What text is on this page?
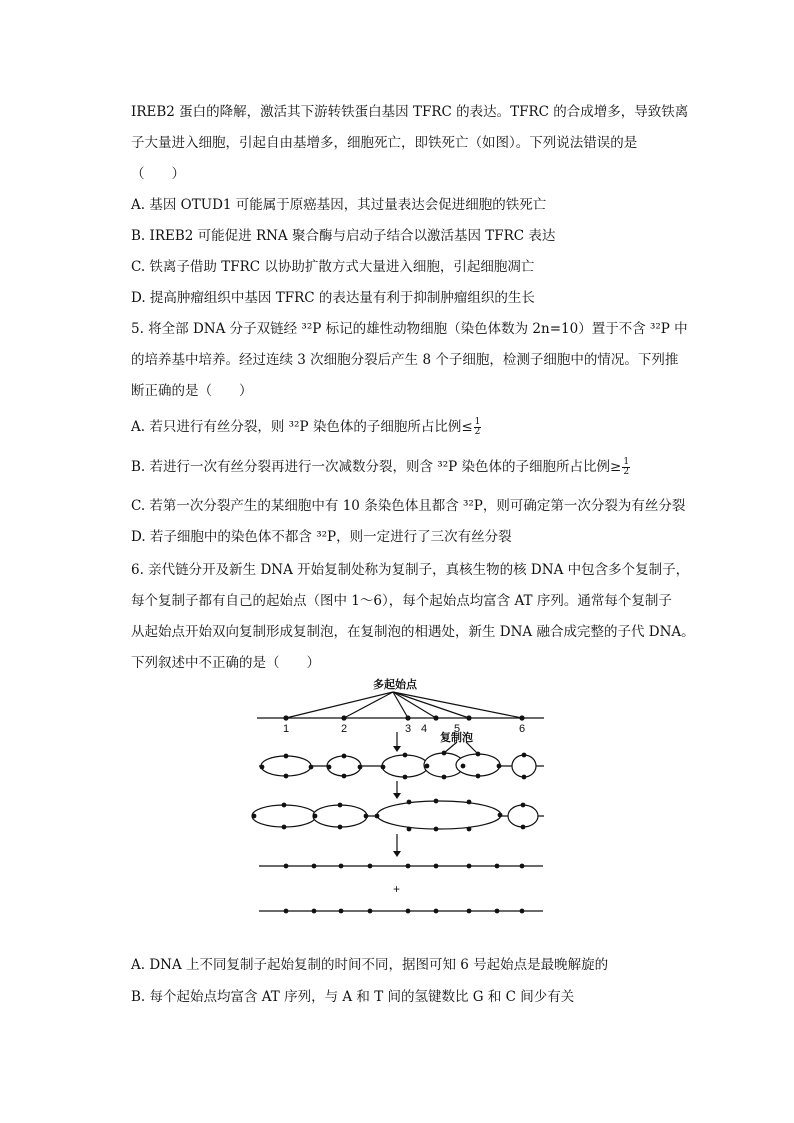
IREB2 蛋白的降解，激活其下游转铁蛋白基因 TFRC 的表达。TFRC 的合成增多，导致铁离
子大量进入细胞，引起自由基增多，细胞死亡，即铁死亡（如图）。下列说法错误的是
（　　）
A. 基因 OTUD1 可能属于原癌基因，其过量表达会促进细胞的铁死亡
B. IREB2 可能促进 RNA 聚合酶与启动子结合以激活基因 TFRC 表达
C. 铁离子借助 TFRC 以协助扩散方式大量进入细胞，引起细胞凋亡
D. 提高肿瘤组织中基因 TFRC 的表达量有利于抑制肿瘤组织的生长
5. 将全部 DNA 分子双链经 ³²P 标记的雄性动物细胞（染色体数为 2n=10）置于不含 ³²P 中
的培养基中培养。经过连续 3 次细胞分裂后产生 8 个子细胞，检测子细胞中的情况。下列推
断正确的是（　　）
A. 若只进行有丝分裂，则 ³²P 染色体的子细胞所占比例≤ $\frac{1}{2}$
B. 若进行一次有丝分裂再进行一次减数分裂，则含 ³²P 染色体的子细胞所占比例≥ $\frac{1}{2}$
C. 若第一次分裂产生的某细胞中有 10 条染色体且都含 ³²P，则可确定第一次分裂为有丝分裂
D. 若子细胞中的染色体不都含 ³²P，则一定进行了三次有丝分裂
6. 亲代链分开及新生 DNA 开始复制处称为复制子，真核生物的核 DNA 中包含多个复制子，
每个复制子都有自己的起始点（图中 1～6），每个起始点均富含 AT 序列。通常每个复制子
从起始点开始双向复制形成复制泡，在复制泡的相遇处，新生 DNA 融合成完整的子代 DNA。
下列叙述中不正确的是（　　）
多起始点
复制泡
1	2	3 4 5	6
+
A. DNA 上不同复制子起始复制的时间不同，据图可知 6 号起始点是最晚解旋的
B. 每个起始点均富含 AT 序列，与 A 和 T 间的氢键数比 G 和 C 间少有关
